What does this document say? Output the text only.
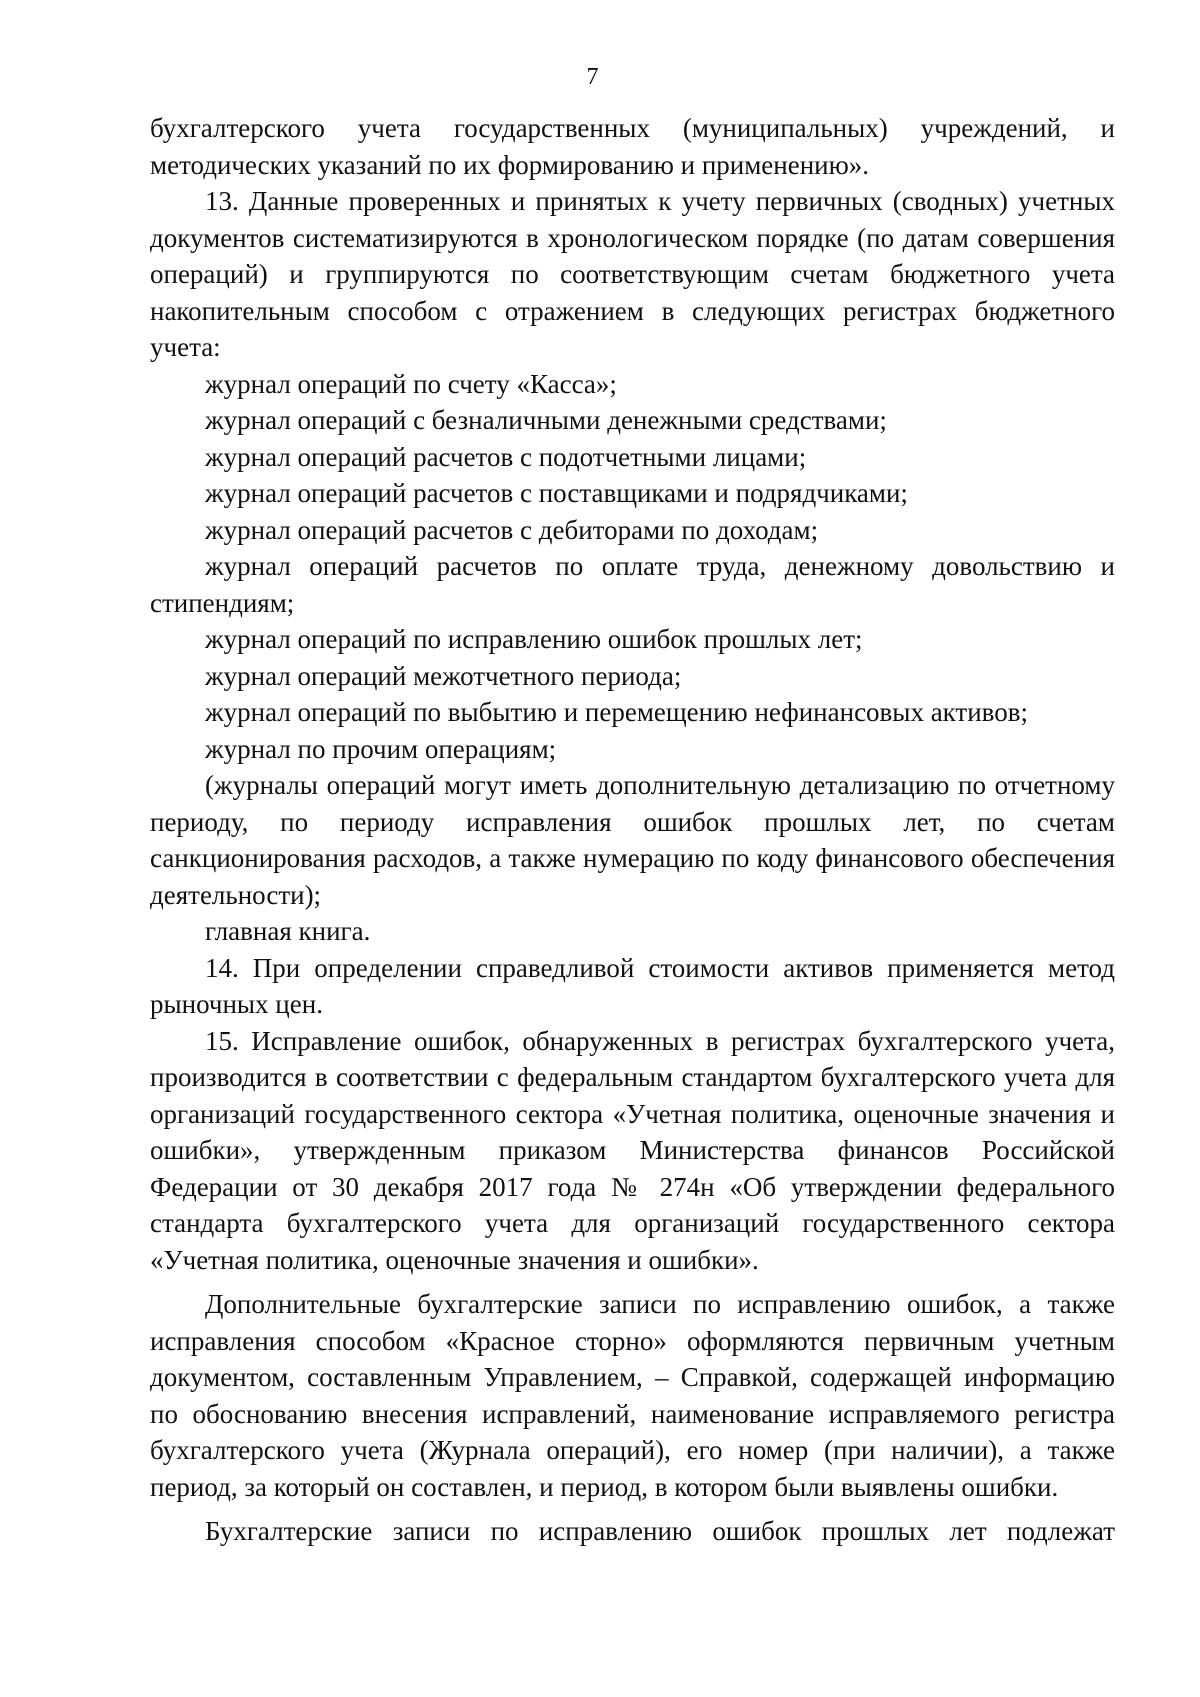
7

бухгалтерского учета государственных (муниципальных) учреждений, и методических указаний по их формированию и применению».

13. Данные проверенных и принятых к учету первичных (сводных) учетных документов систематизируются в хронологическом порядке (по датам совершения операций) и группируются по соответствующим счетам бюджетного учета накопительным способом с отражением в следующих регистрах бюджетного учета:

журнал операций по счету «Касса»;

журнал операций с безналичными денежными средствами;

журнал операций расчетов с подотчетными лицами;

журнал операций расчетов с поставщиками и подрядчиками;

журнал операций расчетов с дебиторами по доходам;

журнал операций расчетов по оплате труда, денежному довольствию и стипендиям;

журнал операций по исправлению ошибок прошлых лет;

журнал операций межотчетного периода;

журнал операций по выбытию и перемещению нефинансовых активов;

журнал по прочим операциям;

(журналы операций могут иметь дополнительную детализацию по отчетному периоду, по периоду исправления ошибок прошлых лет, по счетам санкционирования расходов, а также нумерацию по коду финансового обеспечения деятельности);

главная книга.

14. При определении справедливой стоимости активов применяется метод рыночных цен.

15. Исправление ошибок, обнаруженных в регистрах бухгалтерского учета, производится в соответствии с федеральным стандартом бухгалтерского учета для организаций государственного сектора «Учетная политика, оценочные значения и ошибки», утвержденным приказом Министерства финансов Российской Федерации от 30 декабря 2017 года № 274н «Об утверждении федерального стандарта бухгалтерского учета для организаций государственного сектора «Учетная политика, оценочные значения и ошибки».

Дополнительные бухгалтерские записи по исправлению ошибок, а также исправления способом «Красное сторно» оформляются первичным учетным документом, составленным Управлением, – Справкой, содержащей информацию по обоснованию внесения исправлений, наименование исправляемого регистра бухгалтерского учета (Журнала операций), его номер (при наличии), а также период, за который он составлен, и период, в котором были выявлены ошибки.

Бухгалтерские записи по исправлению ошибок прошлых лет подлежат
